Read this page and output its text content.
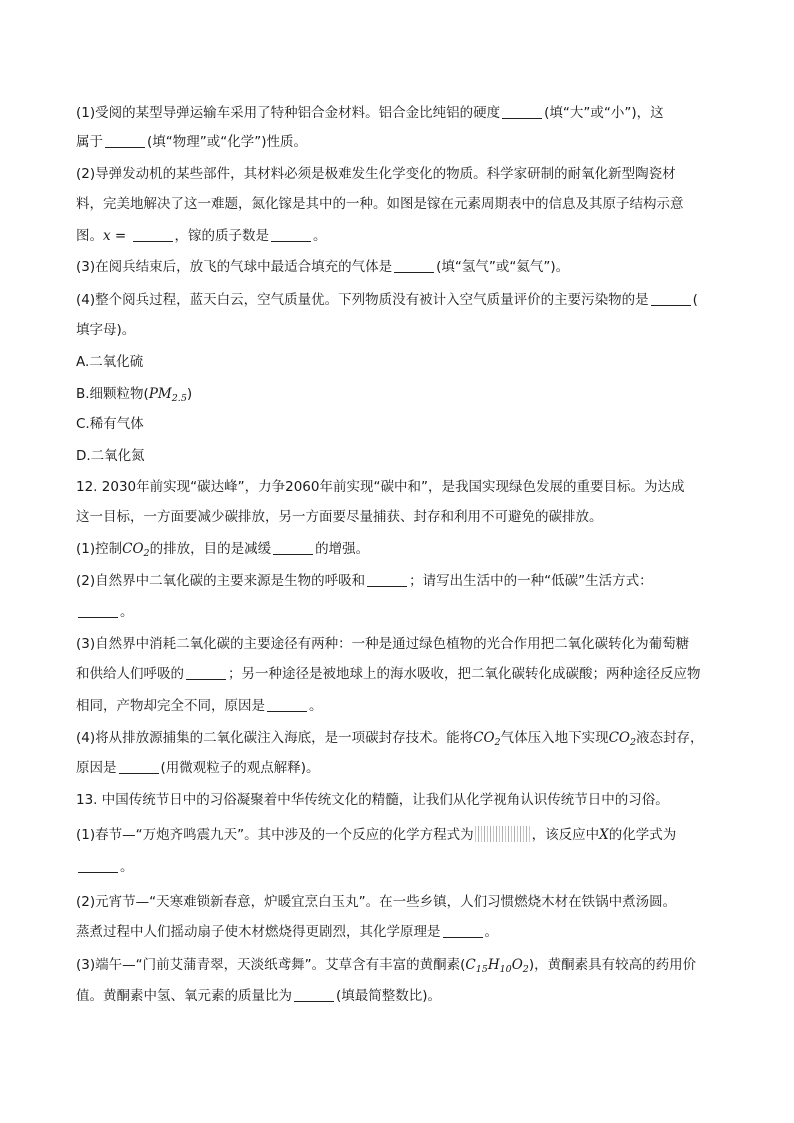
(1)受阅的某型导弹运输车采用了特种铝合金材料。铝合金比纯铝的硬度	(填“大”或“小”)，这
属于	(填“物理”或“化学”)性质。
(2)导弹发动机的某些部件，其材料必须是极难发生化学变化的物质。科学家研制的耐氧化新型陶瓷材
料，完美地解决了这一难题，氮化镓是其中的一种。如图是镓在元素周期表中的信息及其原子结构示意
图。x =	，镓的质子数是	。
(3)在阅兵结束后，放飞的气球中最适合填充的气体是	(填“氢气”或“氦气”)。
(4)整个阅兵过程，蓝天白云，空气质量优。下列物质没有被计入空气质量评价的主要污染物的是	(
填字母)。
A.二氧化硫
B.细颗粒物$(PM_{2.5})$
C.稀有气体
D.二氧化氮
12. 2030年前实现“碳达峰”，力争2060年前实现“碳中和”，是我国实现绿色发展的重要目标。为达成
这一目标，一方面要减少碳排放，另一方面要尽量捕获、封存和利用不可避免的碳排放。
(1)控制$CO_2$的排放，目的是减缓	的增强。
(2)自然界中二氧化碳的主要来源是生物的呼吸和	；请写出生活中的一种“低碳”生活方式：
。
(3)自然界中消耗二氧化碳的主要途径有两种：一种是通过绿色植物的光合作用把二氧化碳转化为葡萄糖
和供给人们呼吸的	；另一种途径是被地球上的海水吸收，把二氧化碳转化成碳酸；两种途径反应物
相同，产物却完全不同，原因是	。
(4)将从排放源捕集的二氧化碳注入海底，是一项碳封存技术。能将$CO_2$气体压入地下实现$CO_2$液态封存，
原因是	(用微观粒子的观点解释)。
13. 中国传统节日中的习俗凝聚着中华传统文化的精髓，让我们从化学视角认识传统节日中的习俗。
(1)春节—“万炮齐鸣震九天”。其中涉及的一个反应的化学方程式为	，该反应中X的化学式为
。
(2)元宵节—“天寒难锁新春意，炉暖宜烹白玉丸”。在一些乡镇，人们习惯燃烧木材在铁锅中煮汤圆。
蒸煮过程中人们摇动扇子使木材燃烧得更剧烈，其化学原理是	。
(3)端午—“门前艾蒲青翠，天淡纸鸢舞”。艾草含有丰富的黄酮素$(C_{15}H_{10}O_2)$，黄酮素具有较高的药用价
值。黄酮素中氢、氧元素的质量比为	(填最简整数比)。
